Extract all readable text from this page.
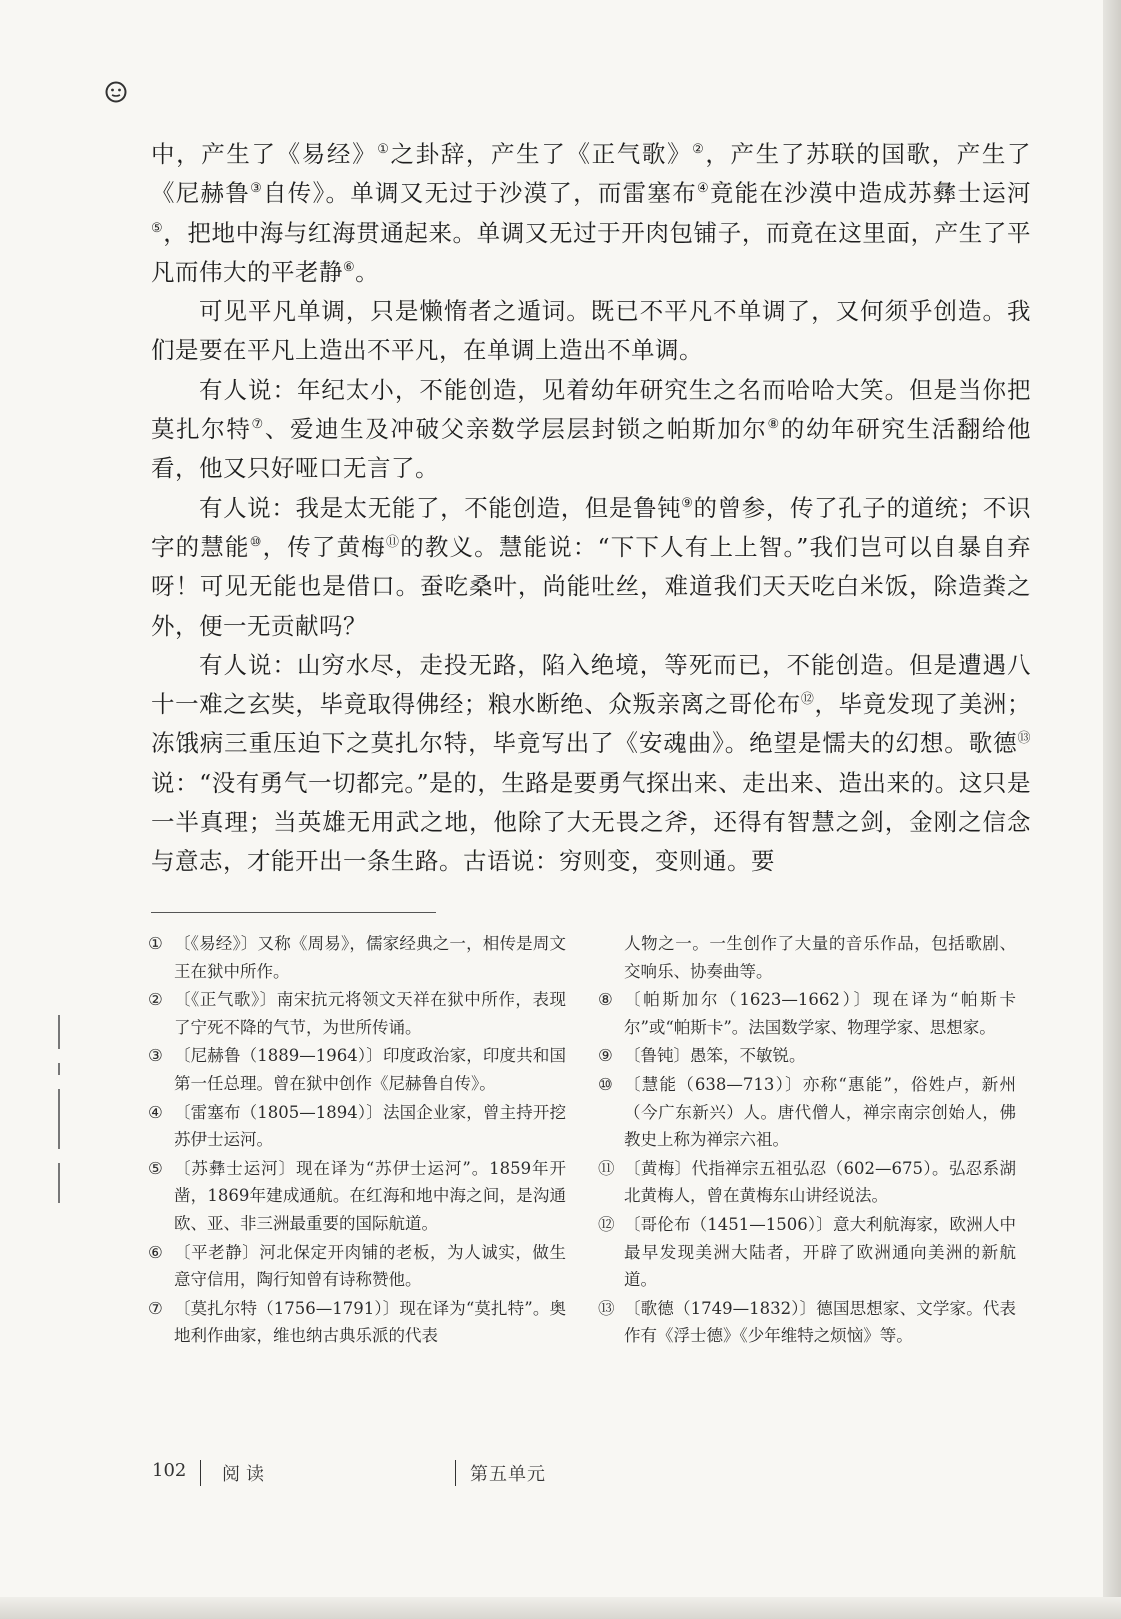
中，产生了《易经》①之卦辞，产生了《正气歌》②，产生了苏联的国歌，产生了《尼赫鲁③自传》。单调又无过于沙漠了，而雷塞布④竟能在沙漠中造成苏彝士运河⑤，把地中海与红海贯通起来。单调又无过于开肉包铺子，而竟在这里面，产生了平凡而伟大的平老静⑥。

可见平凡单调，只是懒惰者之遁词。既已不平凡不单调了，又何须乎创造。我们是要在平凡上造出不平凡，在单调上造出不单调。

有人说：年纪太小，不能创造，见着幼年研究生之名而哈哈大笑。但是当你把莫扎尔特⑦、爱迪生及冲破父亲数学层层封锁之帕斯加尔⑧的幼年研究生活翻给他看，他又只好哑口无言了。

有人说：我是太无能了，不能创造，但是鲁钝⑨的曾参，传了孔子的道统；不识字的慧能⑩，传了黄梅⑪的教义。慧能说：“下下人有上上智。”我们岂可以自暴自弃呀！可见无能也是借口。蚕吃桑叶，尚能吐丝，难道我们天天吃白米饭，除造粪之外，便一无贡献吗？

有人说：山穷水尽，走投无路，陷入绝境，等死而已，不能创造。但是遭遇八十一难之玄奘，毕竟取得佛经；粮水断绝、众叛亲离之哥伦布⑫，毕竟发现了美洲；冻饿病三重压迫下之莫扎尔特，毕竟写出了《安魂曲》。绝望是懦夫的幻想。歌德⑬说：“没有勇气一切都完。”是的，生路是要勇气探出来、走出来、造出来的。这只是一半真理；当英雄无用武之地，他除了大无畏之斧，还得有智慧之剑，金刚之信念与意志，才能开出一条生路。古语说：穷则变，变则通。要

① 〔《易经》〕又称《周易》，儒家经典之一，相传是周文王在狱中所作。
② 〔《正气歌》〕南宋抗元将领文天祥在狱中所作，表现了宁死不降的气节，为世所传诵。
③ 〔尼赫鲁（1889—1964）〕印度政治家，印度共和国第一任总理。曾在狱中创作《尼赫鲁自传》。
④ 〔雷塞布（1805—1894）〕法国企业家，曾主持开挖苏伊士运河。
⑤ 〔苏彝士运河〕现在译为“苏伊士运河”。1859年开凿，1869年建成通航。在红海和地中海之间，是沟通欧、亚、非三洲最重要的国际航道。
⑥ 〔平老静〕河北保定开肉铺的老板，为人诚实，做生意守信用，陶行知曾有诗称赞他。
⑦ 〔莫扎尔特（1756—1791）〕现在译为“莫扎特”。奥地利作曲家，维也纳古典乐派的代表
人物之一。一生创作了大量的音乐作品，包括歌剧、交响乐、协奏曲等。
⑧ 〔帕斯加尔（1623—1662）〕现在译为“帕斯卡尔”或“帕斯卡”。法国数学家、物理学家、思想家。
⑨ 〔鲁钝〕愚笨，不敏锐。
⑩ 〔慧能（638—713）〕亦称“惠能”，俗姓卢，新州（今广东新兴）人。唐代僧人，禅宗南宗创始人，佛教史上称为禅宗六祖。
⑪ 〔黄梅〕代指禅宗五祖弘忍（602—675）。弘忍系湖北黄梅人，曾在黄梅东山讲经说法。
⑫ 〔哥伦布（1451—1506）〕意大利航海家，欧洲人中最早发现美洲大陆者，开辟了欧洲通向美洲的新航道。
⑬ 〔歌德（1749—1832）〕德国思想家、文学家。代表作有《浮士德》《少年维特之烦恼》等。
102 阅读	第五单元
